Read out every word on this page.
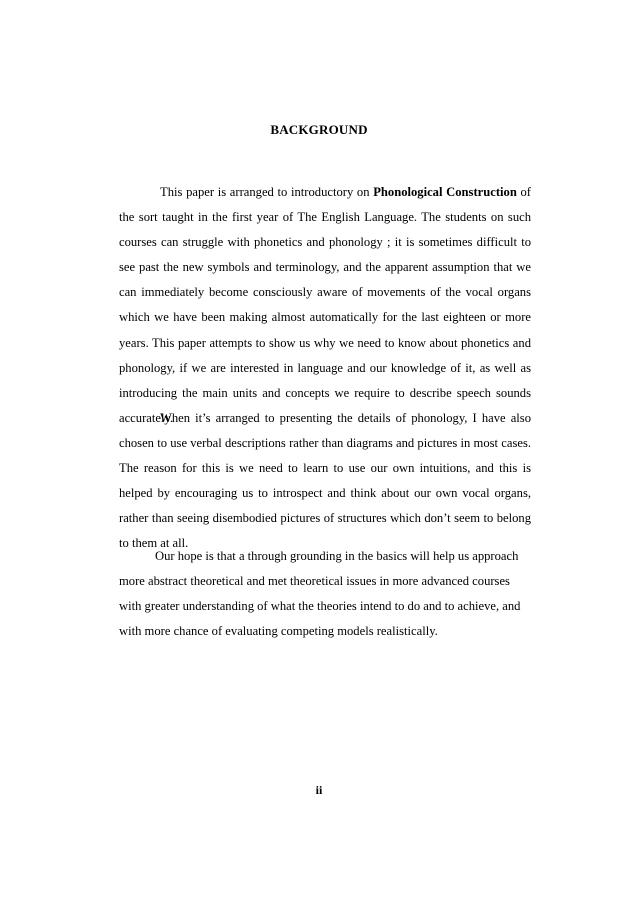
BACKGROUND

This paper is arranged to introductory on Phonological Construction of the sort taught in the first year of The English Language. The students on such courses can struggle with phonetics and phonology ; it is sometimes difficult to see past the new symbols and terminology, and the apparent assumption that we can immediately become consciously aware of movements of the vocal organs which we have been making almost automatically for the last eighteen or more years. This paper attempts to show us why we need to know about phonetics and phonology, if we are interested in language and our knowledge of it, as well as introducing the main units and concepts we require to describe speech sounds accurately.

When it’s arranged to presenting the details of phonology, I have also chosen to use verbal descriptions rather than diagrams and pictures in most cases. The reason for this is we need to learn to use our own intuitions, and this is helped by encouraging us to introspect and think about our own vocal organs, rather than seeing disembodied pictures of structures which don’t seem to belong to them at all.

Our hope is that a through grounding in the basics will help us approach more abstract theoretical and met theoretical issues in more advanced courses with greater understanding of what the theories intend to do and to achieve, and with more chance of evaluating competing models realistically.

ii
